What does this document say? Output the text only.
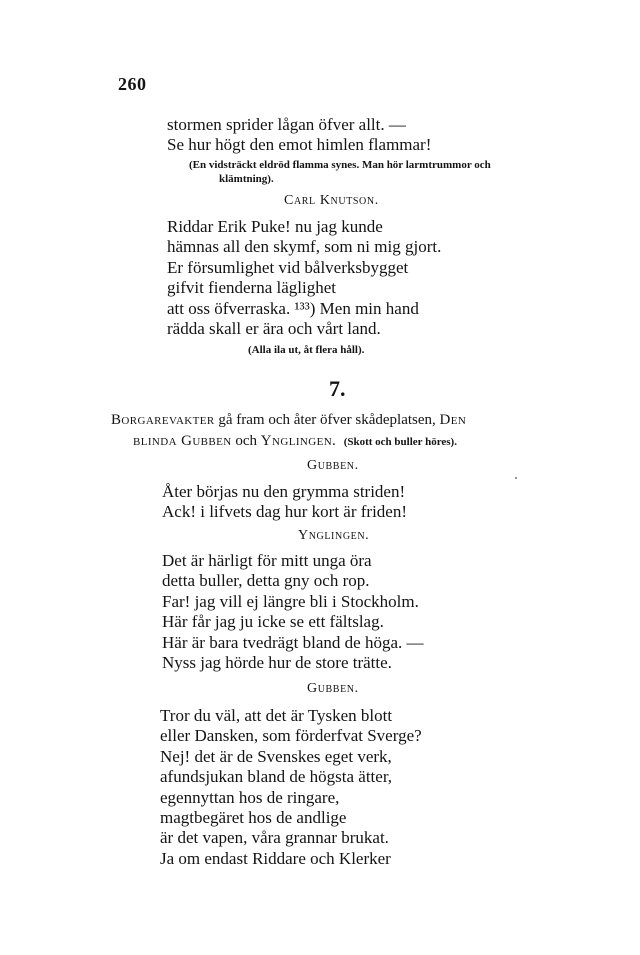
260
stormen sprider lågan öfver allt. —
Se hur högt den emot himlen flammar!
(En vidsträckt eldröd flamma synes. Man hör larmtrummor och
klämtning).
Carl Knutson.
Riddar Erik Puke! nu jag kunde
hämnas all den skymf, som ni mig gjort.
Er försumlighet vid bålverksbygget
gifvit fienderna läglighet
att oss öfverraska. ¹³³) Men min hand
rädda skall er ära och vårt land.
(Alla ila ut, åt flera håll).
7.
Borgarevakter gå fram och åter öfver skådeplatsen, Den
blinda Gubben och Ynglingen. (Skott och buller höres).
Gubben.
Åter börjas nu den grymma striden!
Ack! i lifvets dag hur kort är friden!
Ynglingen.
Det är härligt för mitt unga öra
detta buller, detta gny och rop.
Far! jag vill ej längre bli i Stockholm.
Här får jag ju icke se ett fältslag.
Här är bara tvedrägt bland de höga. —
Nyss jag hörde hur de store trätte.
Gubben.
Tror du väl, att det är Tysken blott
eller Dansken, som förderfvat Sverge?
Nej! det är de Svenskes eget verk,
afundsjukan bland de högsta ätter,
egennyttan hos de ringare,
magtbegäret hos de andlige
är det vapen, våra grannar brukat.
Ja om endast Riddare och Klerker
